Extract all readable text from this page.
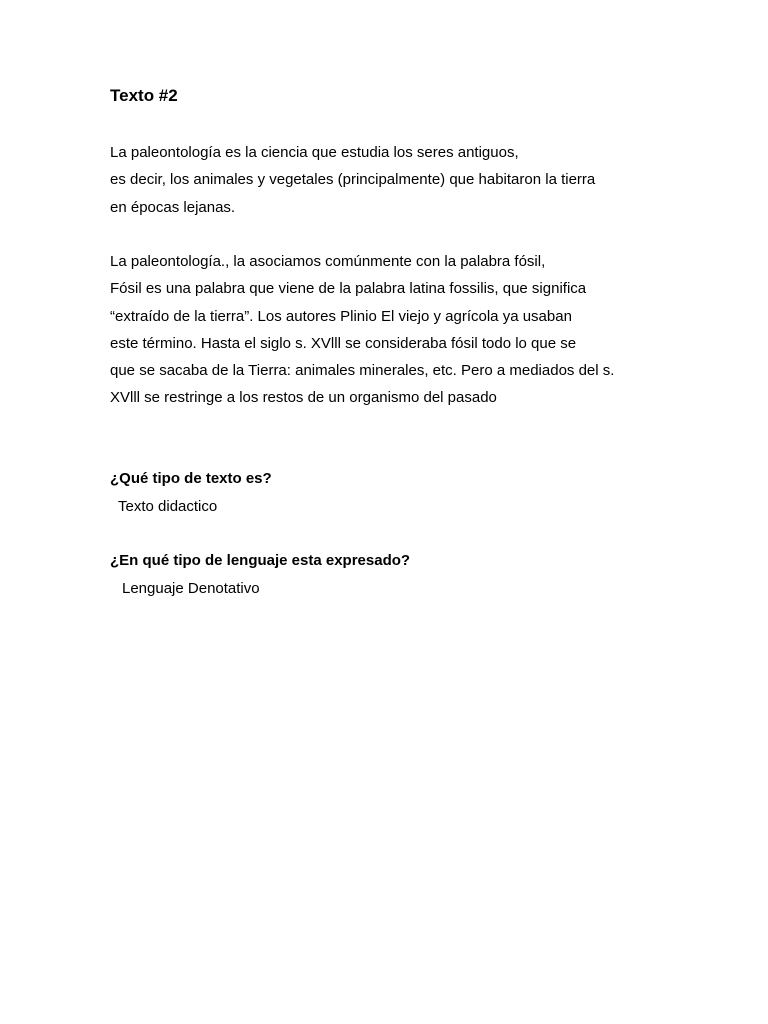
Texto #2
La paleontología es la ciencia que estudia los seres antiguos,
es decir, los animales y vegetales (principalmente) que habitaron la tierra
en épocas lejanas.
La paleontología., la asociamos comúnmente con la palabra fósil,
Fósil es una palabra que viene de la palabra latina fossilis, que significa
“extraído de la tierra”. Los autores Plinio El viejo y agrícola ya usaban
este término. Hasta el siglo s. XVlll se consideraba fósil todo lo que se
que se sacaba de la Tierra: animales minerales, etc. Pero a mediados del s.
XVlll se restringe a los restos de un organismo del pasado

¿Qué tipo de texto es?

Texto didactico

¿En qué tipo de lenguaje esta expresado?

Lenguaje Denotativo
